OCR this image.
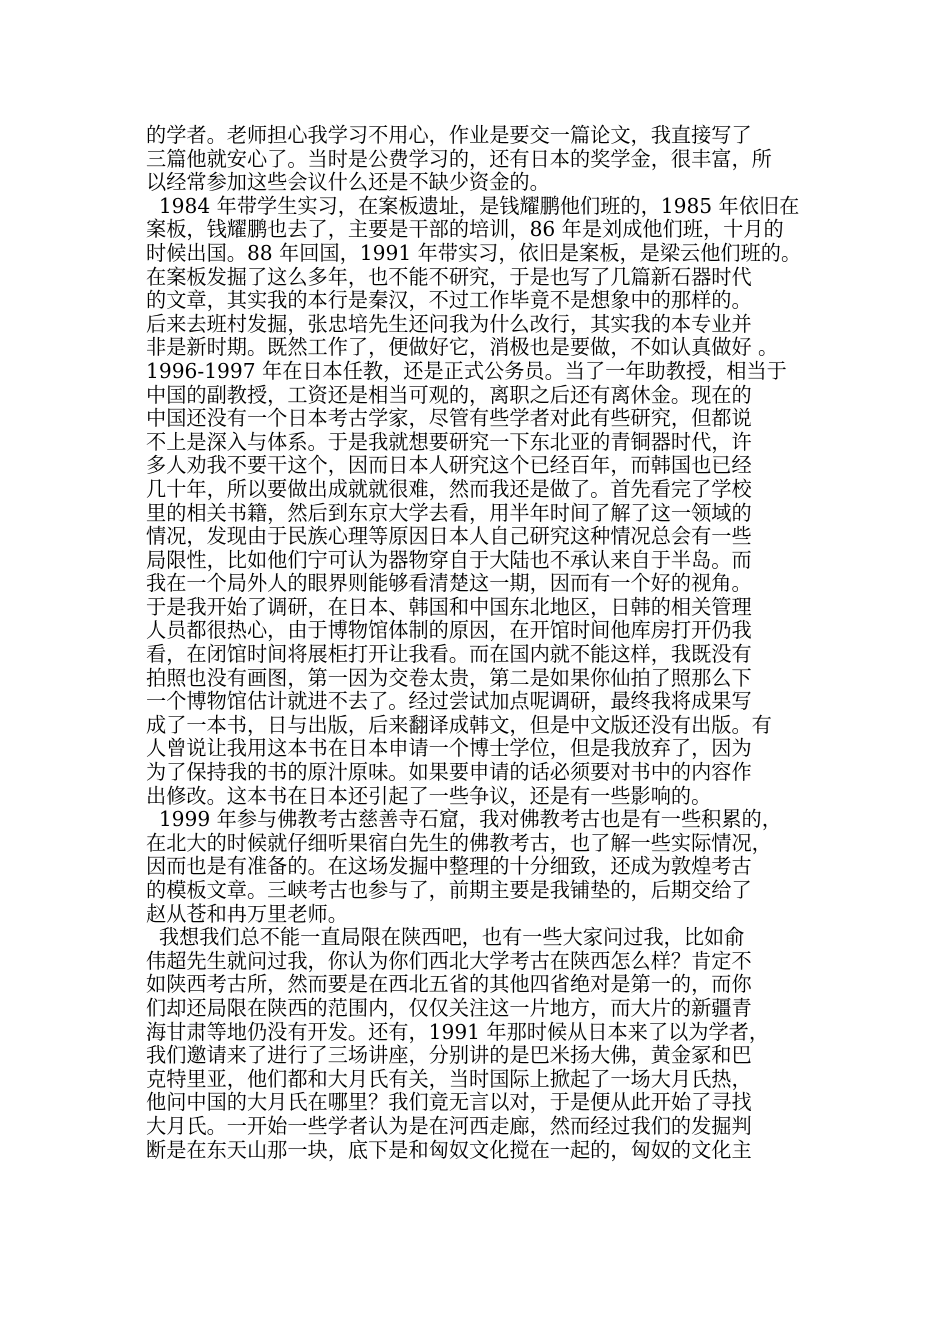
的学者。老师担心我学习不用心，作业是要交一篇论文，我直接写了
三篇他就安心了。当时是公费学习的，还有日本的奖学金，很丰富，所
以经常参加这些会议什么还是不缺少资金的。
1984 年带学生实习，在案板遗址，是钱耀鹏他们班的，1985 年依旧在
案板，钱耀鹏也去了，主要是干部的培训，86 年是刘成他们班，十月的
时候出国。88 年回国，1991 年带实习，依旧是案板，是梁云他们班的。
在案板发掘了这么多年，也不能不研究，于是也写了几篇新石器时代
的文章，其实我的本行是秦汉，不过工作毕竟不是想象中的那样的。
后来去班村发掘，张忠培先生还问我为什么改行，其实我的本专业并
非是新时期。既然工作了，便做好它，消极也是要做，不如认真做好 。
1996-1997 年在日本任教，还是正式公务员。当了一年助教授，相当于
中国的副教授，工资还是相当可观的，离职之后还有离休金。现在的
中国还没有一个日本考古学家，尽管有些学者对此有些研究，但都说
不上是深入与体系。于是我就想要研究一下东北亚的青铜器时代，许
多人劝我不要干这个，因而日本人研究这个已经百年，而韩国也已经
几十年，所以要做出成就就很难，然而我还是做了。首先看完了学校
里的相关书籍，然后到东京大学去看，用半年时间了解了这一领域的
情况，发现由于民族心理等原因日本人自己研究这种情况总会有一些
局限性，比如他们宁可认为器物穿自于大陆也不承认来自于半岛。而
我在一个局外人的眼界则能够看清楚这一期，因而有一个好的视角。
于是我开始了调研，在日本、韩国和中国东北地区，日韩的相关管理
人员都很热心，由于博物馆体制的原因，在开馆时间他库房打开仍我
看，在闭馆时间将展柜打开让我看。而在国内就不能这样，我既没有
拍照也没有画图，第一因为交卷太贵，第二是如果你仙拍了照那么下
一个博物馆估计就进不去了。经过尝试加点呢调研，最终我将成果写
成了一本书，日与出版，后来翻译成韩文，但是中文版还没有出版。有
人曾说让我用这本书在日本申请一个博士学位，但是我放弃了，因为
为了保持我的书的原汁原味。如果要申请的话必须要对书中的内容作
出修改。这本书在日本还引起了一些争议，还是有一些影响的。
1999 年参与佛教考古慈善寺石窟，我对佛教考古也是有一些积累的，
在北大的时候就仔细听果宿白先生的佛教考古，也了解一些实际情况，
因而也是有准备的。在这场发掘中整理的十分细致，还成为敦煌考古
的模板文章。三峡考古也参与了，前期主要是我铺垫的，后期交给了
赵从苍和冉万里老师。
我想我们总不能一直局限在陕西吧，也有一些大家问过我，比如俞
伟超先生就问过我，你认为你们西北大学考古在陕西怎么样？肯定不
如陕西考古所，然而要是在西北五省的其他四省绝对是第一的，而你
们却还局限在陕西的范围内，仅仅关注这一片地方，而大片的新疆青
海甘肃等地仍没有开发。还有，1991 年那时候从日本来了以为学者，
我们邀请来了进行了三场讲座，分别讲的是巴米扬大佛，黄金冢和巴
克特里亚，他们都和大月氏有关，当时国际上掀起了一场大月氏热，
他问中国的大月氏在哪里？我们竟无言以对，于是便从此开始了寻找
大月氏。一开始一些学者认为是在河西走廊，然而经过我们的发掘判
断是在东天山那一块，底下是和匈奴文化搅在一起的，匈奴的文化主
